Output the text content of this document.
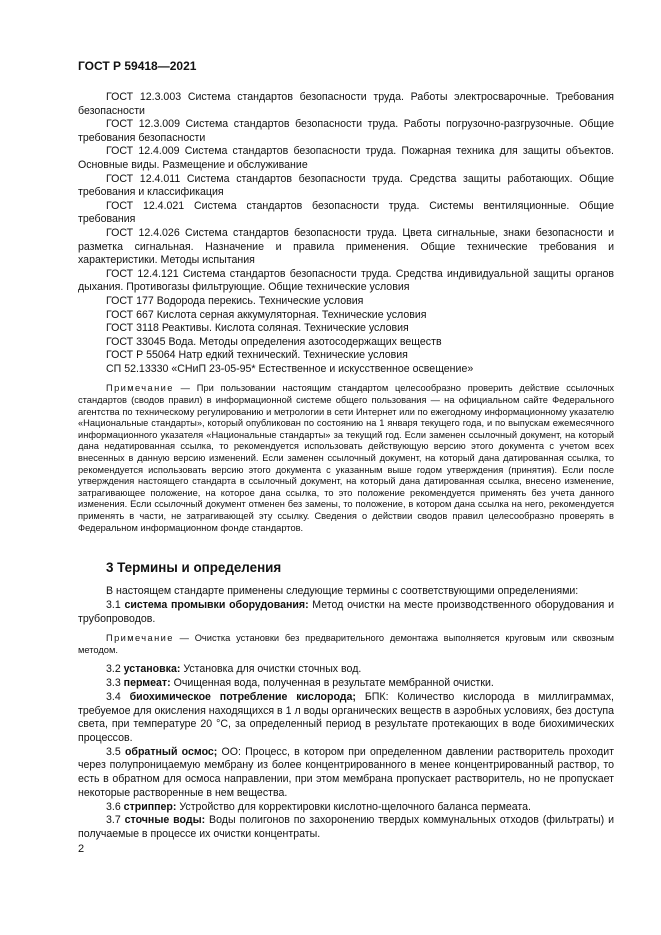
ГОСТ Р 59418—2021

ГОСТ 12.3.003 Система стандартов безопасности труда. Работы электросварочные. Требования безопасности

ГОСТ 12.3.009 Система стандартов безопасности труда. Работы погрузочно-разгрузочные. Общие требования безопасности

ГОСТ 12.4.009 Система стандартов безопасности труда. Пожарная техника для защиты объектов. Основные виды. Размещение и обслуживание

ГОСТ 12.4.011 Система стандартов безопасности труда. Средства защиты работающих. Общие требования и классификация

ГОСТ 12.4.021 Система стандартов безопасности труда. Системы вентиляционные. Общие требования

ГОСТ 12.4.026 Система стандартов безопасности труда. Цвета сигнальные, знаки безопасности и разметка сигнальная. Назначение и правила применения. Общие технические требования и характеристики. Методы испытания

ГОСТ 12.4.121 Система стандартов безопасности труда. Средства индивидуальной защиты органов дыхания. Противогазы фильтрующие. Общие технические условия

ГОСТ 177 Водорода перекись. Технические условия

ГОСТ 667 Кислота серная аккумуляторная. Технические условия

ГОСТ 3118 Реактивы. Кислота соляная. Технические условия

ГОСТ 33045 Вода. Методы определения азотосодержащих веществ

ГОСТ Р 55064 Натр едкий технический. Технические условия

СП 52.13330 «СНиП 23-05-95* Естественное и искусственное освещение»

Примечание — При пользовании настоящим стандартом целесообразно проверить действие ссылочных стандартов (сводов правил) в информационной системе общего пользования — на официальном сайте Федерального агентства по техническому регулированию и метрологии в сети Интернет или по ежегодному информационному указателю «Национальные стандарты», который опубликован по состоянию на 1 января текущего года, и по выпускам ежемесячного информационного указателя «Национальные стандарты» за текущий год. Если заменен ссылочный документ, на который дана недатированная ссылка, то рекомендуется использовать действующую версию этого документа с учетом всех внесенных в данную версию изменений. Если заменен ссылочный документ, на который дана датированная ссылка, то рекомендуется использовать версию этого документа с указанным выше годом утверждения (принятия). Если после утверждения настоящего стандарта в ссылочный документ, на который дана датированная ссылка, внесено изменение, затрагивающее положение, на которое дана ссылка, то это положение рекомендуется применять без учета данного изменения. Если ссылочный документ отменен без замены, то положение, в котором дана ссылка на него, рекомендуется применять в части, не затрагивающей эту ссылку. Сведения о действии сводов правил целесообразно проверять в Федеральном информационном фонде стандартов.
3 Термины и определения

В настоящем стандарте применены следующие термины с соответствующими определениями:

3.1 система промывки оборудования: Метод очистки на месте производственного оборудования и трубопроводов.

Примечание — Очистка установки без предварительного демонтажа выполняется круговым или сквозным методом.

3.2 установка: Установка для очистки сточных вод.

3.3 пермеат: Очищенная вода, полученная в результате мембранной очистки.

3.4 биохимическое потребление кислорода; БПК: Количество кислорода в миллиграммах, требуемое для окисления находящихся в 1 л воды органических веществ в аэробных условиях, без доступа света, при температуре 20 °С, за определенный период в результате протекающих в воде биохимических процессов.

3.5 обратный осмос; ОО: Процесс, в котором при определенном давлении растворитель проходит через полупроницаемую мембрану из более концентрированного в менее концентрированный раствор, то есть в обратном для осмоса направлении, при этом мембрана пропускает растворитель, но не пропускает некоторые растворенные в нем вещества.

3.6 стриппер: Устройство для корректировки кислотно-щелочного баланса пермеата.

3.7 сточные воды: Воды полигонов по захоронению твердых коммунальных отходов (фильтраты) и получаемые в процессе их очистки концентраты.

2
